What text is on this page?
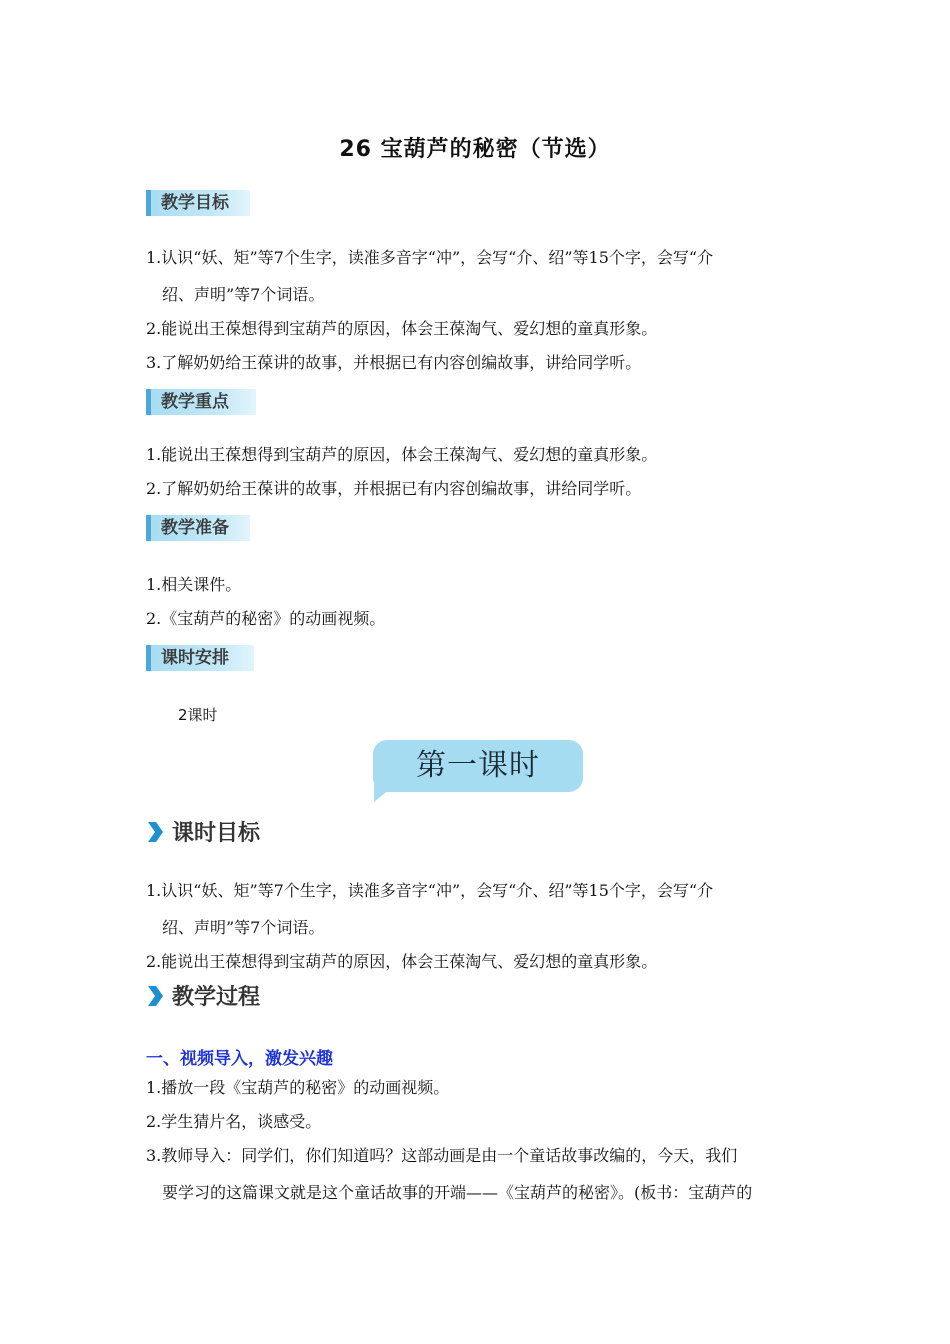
26 宝葫芦的秘密（节选）
教学目标
1.认识“妖、矩”等7个生字，读准多音字“冲”，会写“介、绍”等15个字，会写“介
绍、声明”等7个词语。
2.能说出王葆想得到宝葫芦的原因，体会王葆淘气、爱幻想的童真形象。
3.了解奶奶给王葆讲的故事，并根据已有内容创编故事，讲给同学听。
教学重点
1.能说出王葆想得到宝葫芦的原因，体会王葆淘气、爱幻想的童真形象。
2.了解奶奶给王葆讲的故事，并根据已有内容创编故事，讲给同学听。
教学准备
1.相关课件。
2.《宝葫芦的秘密》的动画视频。
课时安排
2课时
第一课时
课时目标
1.认识“妖、矩”等7个生字，读准多音字“冲”，会写“介、绍”等15个字，会写“介
绍、声明”等7个词语。
2.能说出王葆想得到宝葫芦的原因，体会王葆淘气、爱幻想的童真形象。
教学过程
一、视频导入，激发兴趣
1.播放一段《宝葫芦的秘密》的动画视频。
2.学生猜片名，谈感受。
3.教师导入：同学们，你们知道吗？这部动画是由一个童话故事改编的，今天，我们
要学习的这篇课文就是这个童话故事的开端——《宝葫芦的秘密》。(板书：宝葫芦的
